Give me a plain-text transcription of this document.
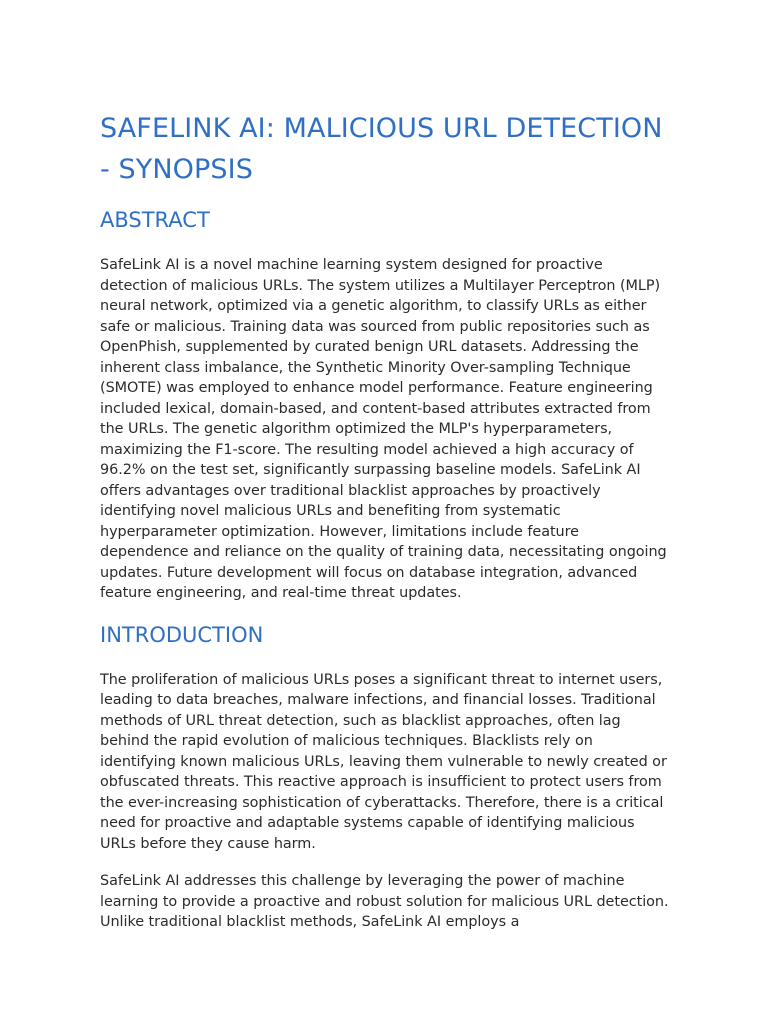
SAFELINK AI: MALICIOUS URL DETECTION - SYNOPSIS
ABSTRACT

SafeLink AI is a novel machine learning system designed for proactive detection of malicious URLs. The system utilizes a Multilayer Perceptron (MLP) neural network, optimized via a genetic algorithm, to classify URLs as either safe or malicious. Training data was sourced from public repositories such as OpenPhish, supplemented by curated benign URL datasets. Addressing the inherent class imbalance, the Synthetic Minority Over-sampling Technique (SMOTE) was employed to enhance model performance. Feature engineering included lexical, domain-based, and content-based attributes extracted from the URLs. The genetic algorithm optimized the MLP's hyperparameters, maximizing the F1-score. The resulting model achieved a high accuracy of 96.2% on the test set, significantly surpassing baseline models. SafeLink AI offers advantages over traditional blacklist approaches by proactively identifying novel malicious URLs and benefiting from systematic hyperparameter optimization. However, limitations include feature dependence and reliance on the quality of training data, necessitating ongoing updates. Future development will focus on database integration, advanced feature engineering, and real-time threat updates.

INTRODUCTION

The proliferation of malicious URLs poses a significant threat to internet users, leading to data breaches, malware infections, and financial losses. Traditional methods of URL threat detection, such as blacklist approaches, often lag behind the rapid evolution of malicious techniques. Blacklists rely on identifying known malicious URLs, leaving them vulnerable to newly created or obfuscated threats. This reactive approach is insufficient to protect users from the ever-increasing sophistication of cyberattacks. Therefore, there is a critical need for proactive and adaptable systems capable of identifying malicious URLs before they cause harm.

SafeLink AI addresses this challenge by leveraging the power of machine learning to provide a proactive and robust solution for malicious URL detection. Unlike traditional blacklist methods, SafeLink AI employs a
